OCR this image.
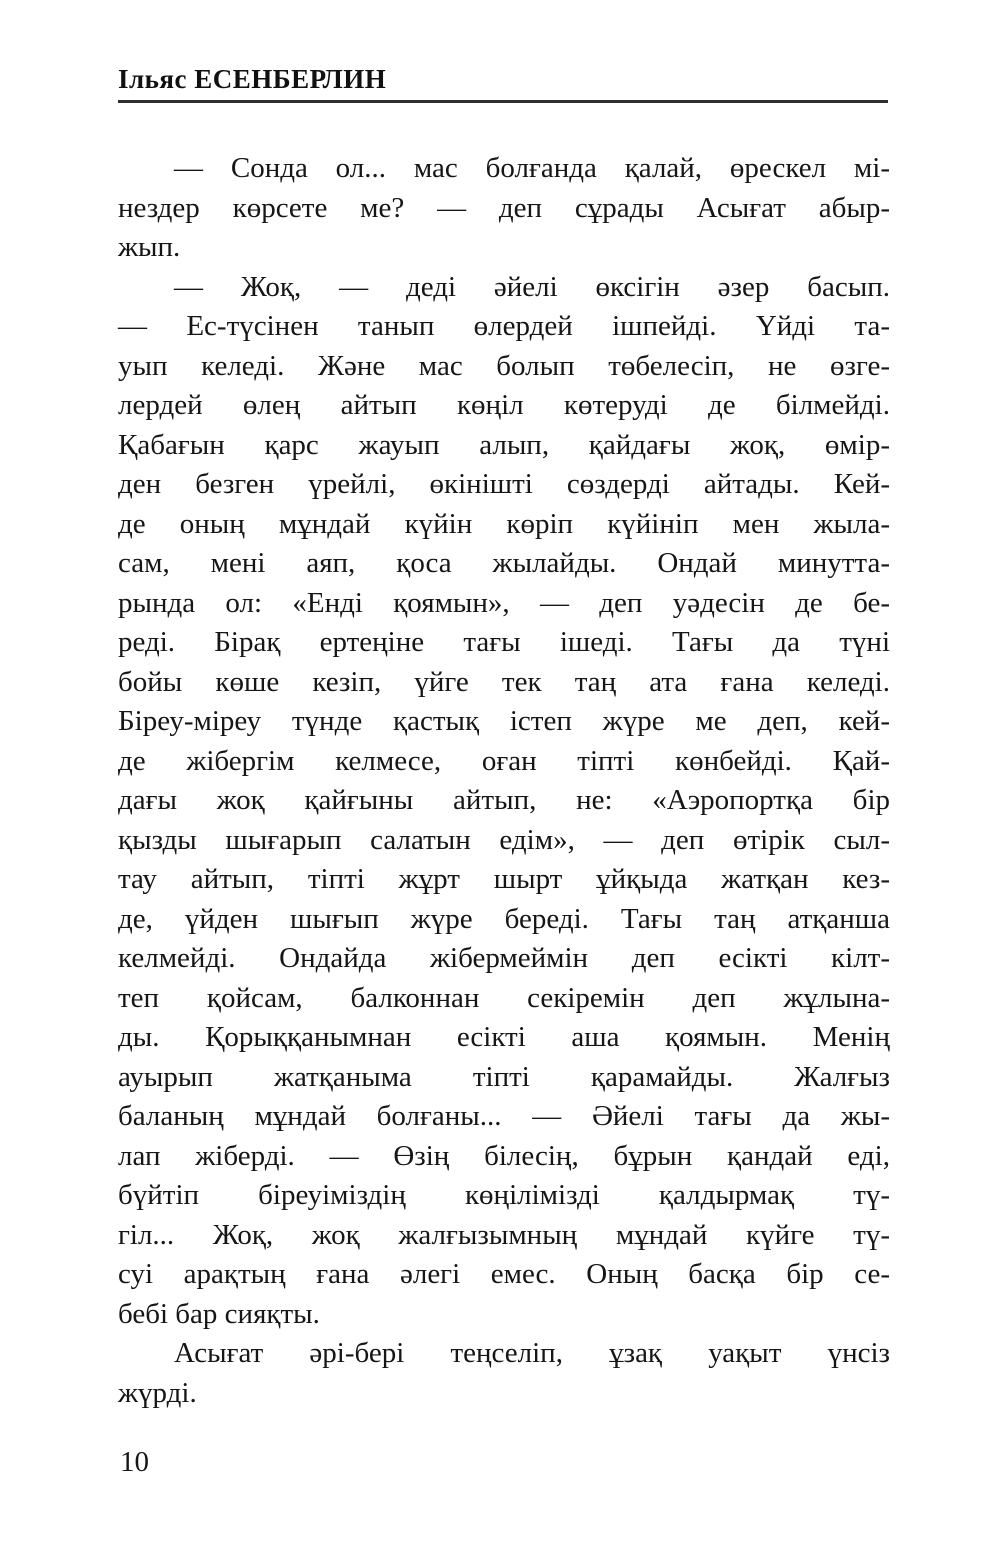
Ільяс ЕСЕНБЕРЛИН
— Сонда ол... мас болғанда қалай, өрескел мі-
нездер көрсете ме? — деп сұрады Асығат абыр-
жып.
— Жоқ, — деді әйелі өксігін әзер басып.
— Ес-түсінен танып өлердей ішпейді. Үйді та-
уып келеді. Және мас болып төбелесіп, не өзге-
лердей өлең айтып көңіл көтеруді де білмейді.
Қабағын қарс жауып алып, қайдағы жоқ, өмір-
ден безген үрейлі, өкінішті сөздерді айтады. Кей-
де оның мұндай күйін көріп күйініп мен жыла-
сам, мені аяп, қоса жылайды. Ондай минутта-
рында ол: «Енді қоямын», — деп уәдесін де бе-
реді. Бірақ ертеңіне тағы ішеді. Тағы да түні
бойы көше кезіп, үйге тек таң ата ғана келеді.
Біреу-міреу түнде қастық істеп жүре ме деп, кей-
де жібергім келмесе, оған тіпті көнбейді. Қай-
дағы жоқ қайғыны айтып, не: «Аэропортқа бір
қызды шығарып салатын едім», — деп өтірік сыл-
тау айтып, тіпті жұрт шырт ұйқыда жатқан кез-
де, үйден шығып жүре береді. Тағы таң атқанша
келмейді. Ондайда жібермеймін деп есікті кілт-
теп қойсам, балконнан секіремін деп жұлына-
ды. Қорыққанымнан есікті аша қоямын. Менің
ауырып жатқаныма тіпті қарамайды. Жалғыз
баланың мұндай болғаны... — Әйелі тағы да жы-
лап жіберді. — Өзің білесің, бұрын қандай еді,
бүйтіп біреуіміздің көңілімізді қалдырмақ тү-
гіл... Жоқ, жоқ жалғызымның мұндай күйге тү-
суі арақтың ғана әлегі емес. Оның басқа бір се-
бебі бар сияқты.
Асығат әрі-бері теңселіп, ұзақ уақыт үнсіз
жүрді.
10
